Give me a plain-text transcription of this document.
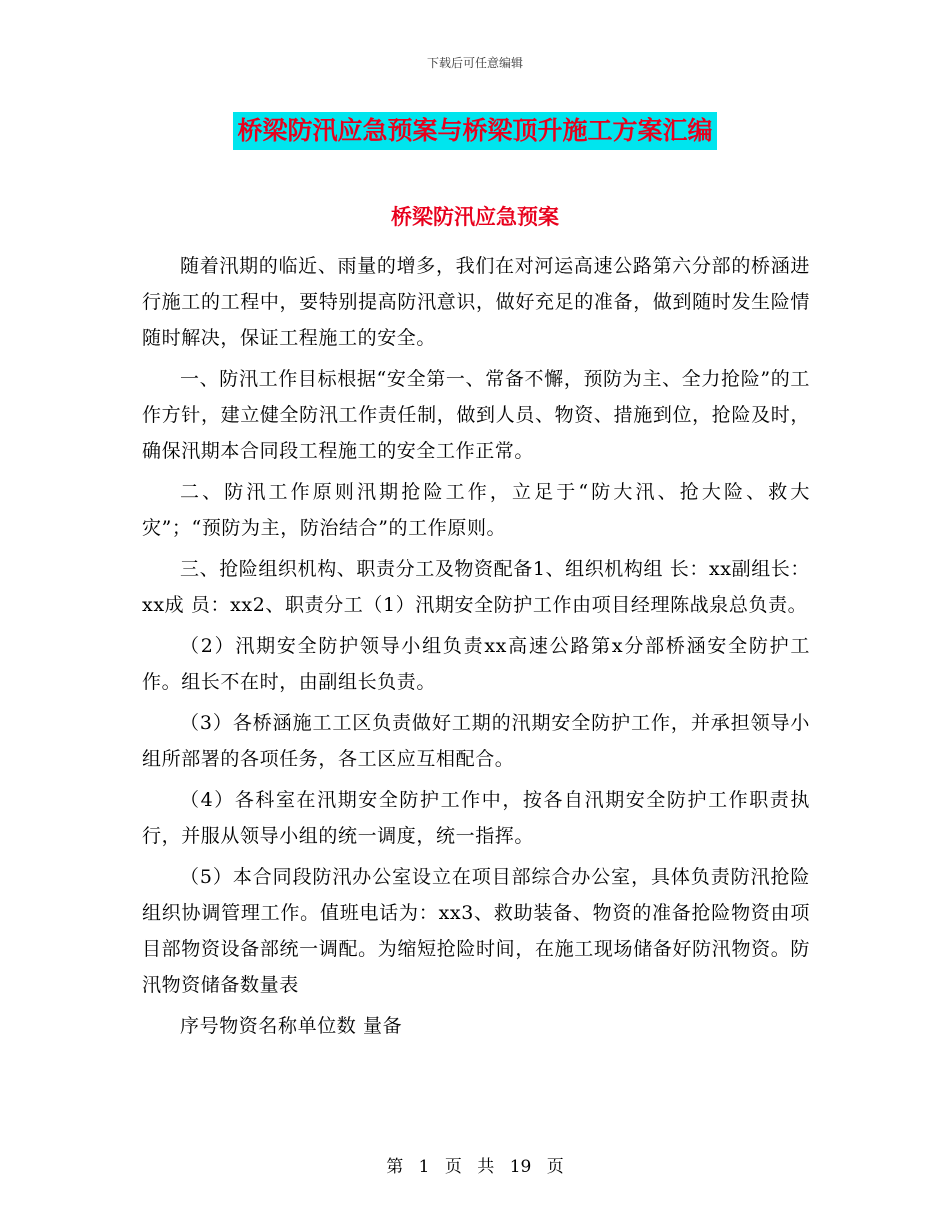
下载后可任意编辑
桥梁防汛应急预案与桥梁顶升施工方案汇编
桥梁防汛应急预案

随着汛期的临近、雨量的增多，我们在对河运高速公路第六分部的桥涵进行施工的工程中，要特别提高防汛意识，做好充足的准备，做到随时发生险情随时解决，保证工程施工的安全。

一、防汛工作目标根据“安全第一、常备不懈，预防为主、全力抢险”的工作方针，建立健全防汛工作责任制，做到人员、物资、措施到位，抢险及时，确保汛期本合同段工程施工的安全工作正常。

二、防汛工作原则汛期抢险工作，立足于“防大汛、抢大险、救大灾”；“预防为主，防治结合”的工作原则。

三、抢险组织机构、职责分工及物资配备1、组织机构组 长：xx副组长：xx成 员：xx2、职责分工（1）汛期安全防护工作由项目经理陈战泉总负责。

（2）汛期安全防护领导小组负责xx高速公路第x分部桥涵安全防护工作。组长不在时，由副组长负责。

（3）各桥涵施工工区负责做好工期的汛期安全防护工作，并承担领导小组所部署的各项任务，各工区应互相配合。

（4）各科室在汛期安全防护工作中，按各自汛期安全防护工作职责执行，并服从领导小组的统一调度，统一指挥。

（5）本合同段防汛办公室设立在项目部综合办公室，具体负责防汛抢险组织协调管理工作。值班电话为：xx3、救助装备、物资的准备抢险物资由项目部物资设备部统一调配。为缩短抢险时间，在施工现场储备好防汛物资。防汛物资储备数量表

序号物资名称单位数 量备

第 1 页 共 19 页
